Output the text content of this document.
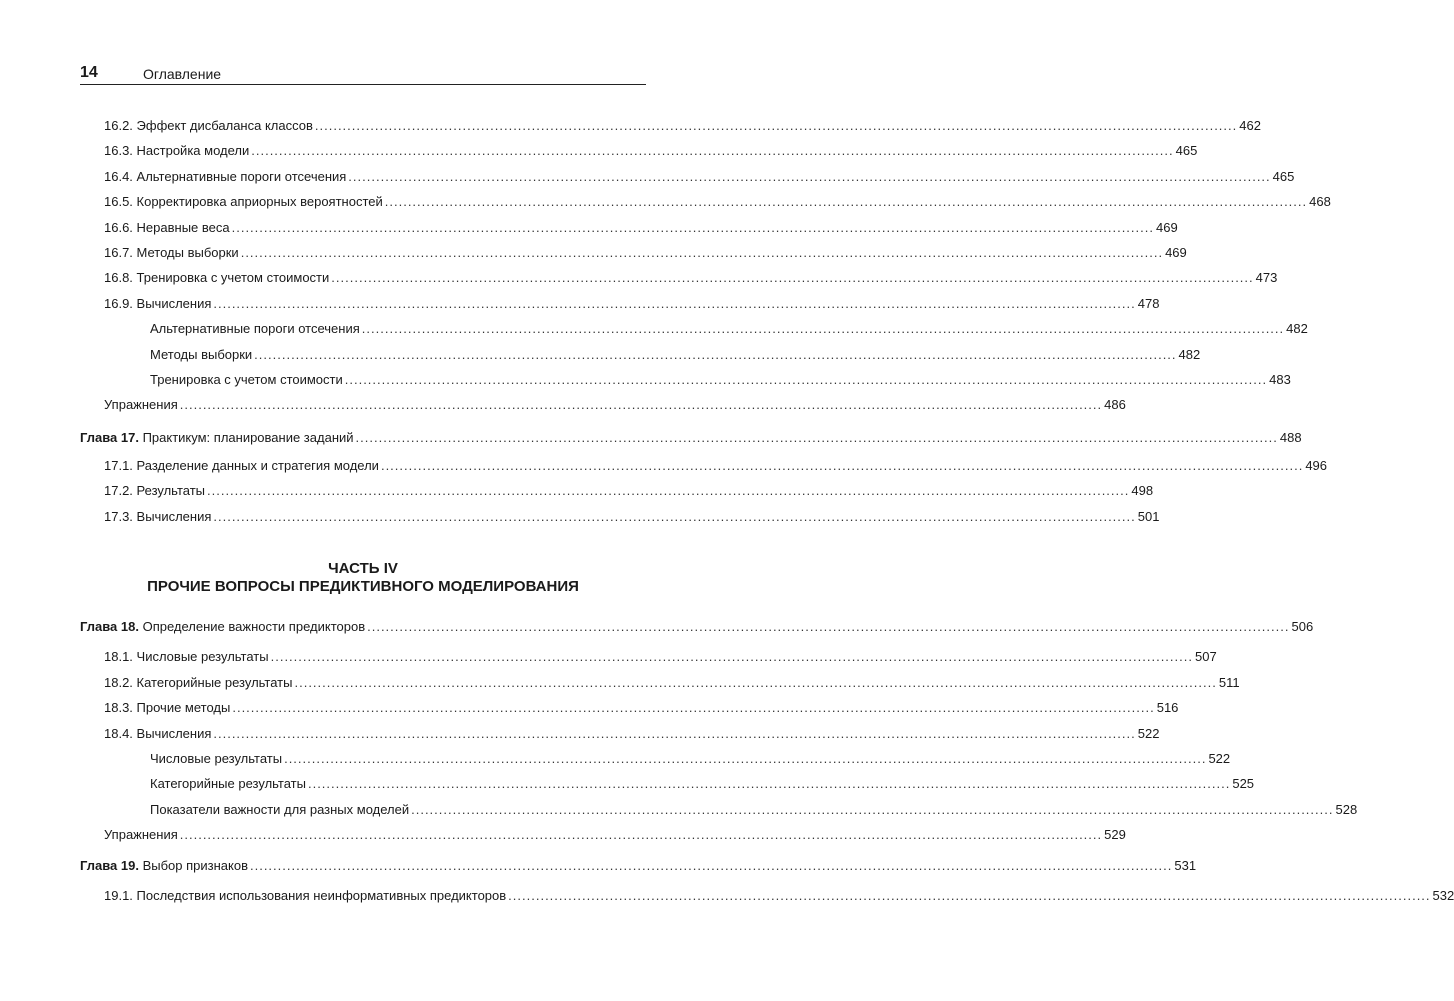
14	Оглавление
16.2. Эффект дисбаланса классов ........................................................................................................................................................................................................ 462
16.3. Настройка модели ........................................................................................................................................................................................................ 465
16.4. Альтернативные пороги отсечения ........................................................................................................................................................................................................ 465
16.5. Корректировка априорных вероятностей ........................................................................................................................................................................................................ 468
16.6. Неравные веса ........................................................................................................................................................................................................ 469
16.7. Методы выборки ........................................................................................................................................................................................................ 469
16.8. Тренировка с учетом стоимости ........................................................................................................................................................................................................ 473
16.9. Вычисления ........................................................................................................................................................................................................ 478
Альтернативные пороги отсечения ........................................................................................................................................................................................................ 482
Методы выборки ........................................................................................................................................................................................................ 482
Тренировка с учетом стоимости ........................................................................................................................................................................................................ 483
Упражнения ........................................................................................................................................................................................................ 486
Глава 17. Практикум: планирование заданий ........................................................................................................................................................................................................ 488
17.1. Разделение данных и стратегия модели ........................................................................................................................................................................................................ 496
17.2. Результаты ........................................................................................................................................................................................................ 498
17.3. Вычисления ........................................................................................................................................................................................................ 501
ЧАСТЬ IV
ПРОЧИЕ ВОПРОСЫ ПРЕДИКТИВНОГО МОДЕЛИРОВАНИЯ
Глава 18. Определение важности предикторов ........................................................................................................................................................................................................ 506
18.1. Числовые результаты ........................................................................................................................................................................................................ 507
18.2. Категорийные результаты ........................................................................................................................................................................................................ 511
18.3. Прочие методы ........................................................................................................................................................................................................ 516
18.4. Вычисления ........................................................................................................................................................................................................ 522
Числовые результаты ........................................................................................................................................................................................................ 522
Категорийные результаты ........................................................................................................................................................................................................ 525
Показатели важности для разных моделей ........................................................................................................................................................................................................ 528
Упражнения ........................................................................................................................................................................................................ 529
Глава 19. Выбор признаков ........................................................................................................................................................................................................ 531
19.1. Последствия использования неинформативных предикторов ........................................................................................................................................................................................................ 532
